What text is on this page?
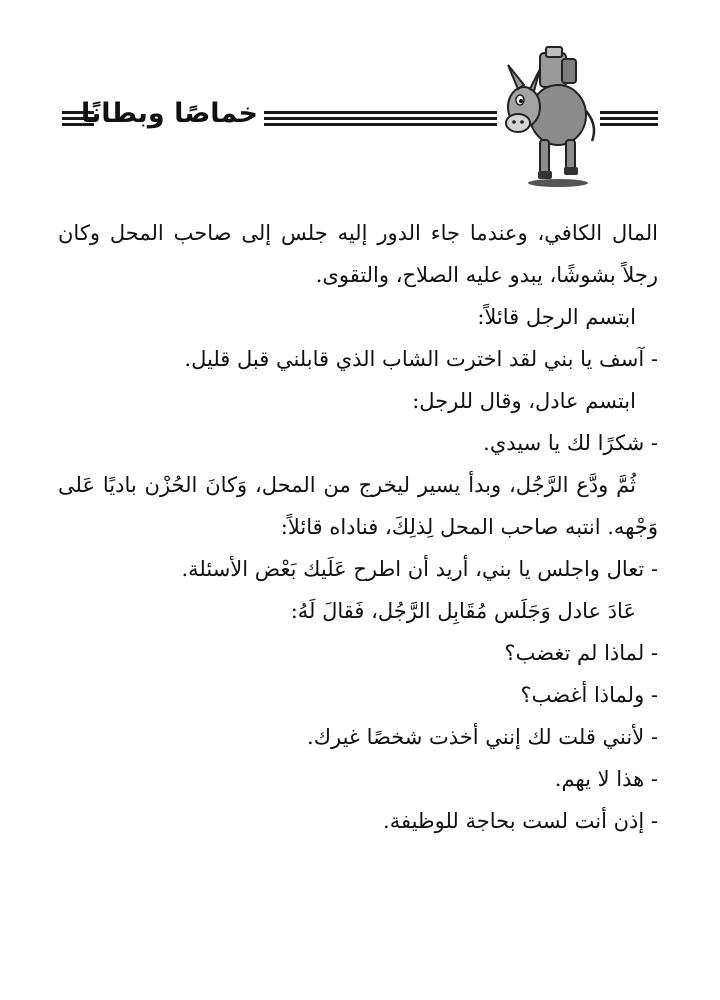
خماصًا وبطانًا
المال الكافي، وعندما جاء الدور إليه جلس إلى صاحب المحل وكان
رجلاً بشوشًا، يبدو عليه الصلاح، والتقوى.
ابتسم الرجل قائلاً:
- آسف يا بني لقد اخترت الشاب الذي قابلني قبل قليل.
ابتسم عادل، وقال للرجل:
- شكرًا لك يا سيدي.
ثُمَّ ودَّع الرَّجُل، وبدأ يسير ليخرج من المحل، وَكانَ الحُزْن باديًا عَلى
وَجْهه. انتبه صاحب المحل لِذلِكَ، فناداه قائلاً:
- تعال واجلس يا بني، أريد أن اطرح عَلَيك بَعْض الأسئلة.
عَادَ عادل وَجَلَس مُقَابِل الرَّجُل، فَقالَ لَهُ:
- لماذا لم تغضب؟
- ولماذا أغضب؟
- لأنني قلت لك إنني أخذت شخصًا غيرك.
- هذا لا يهم.
- إذن أنت لست بحاجة للوظيفة.
